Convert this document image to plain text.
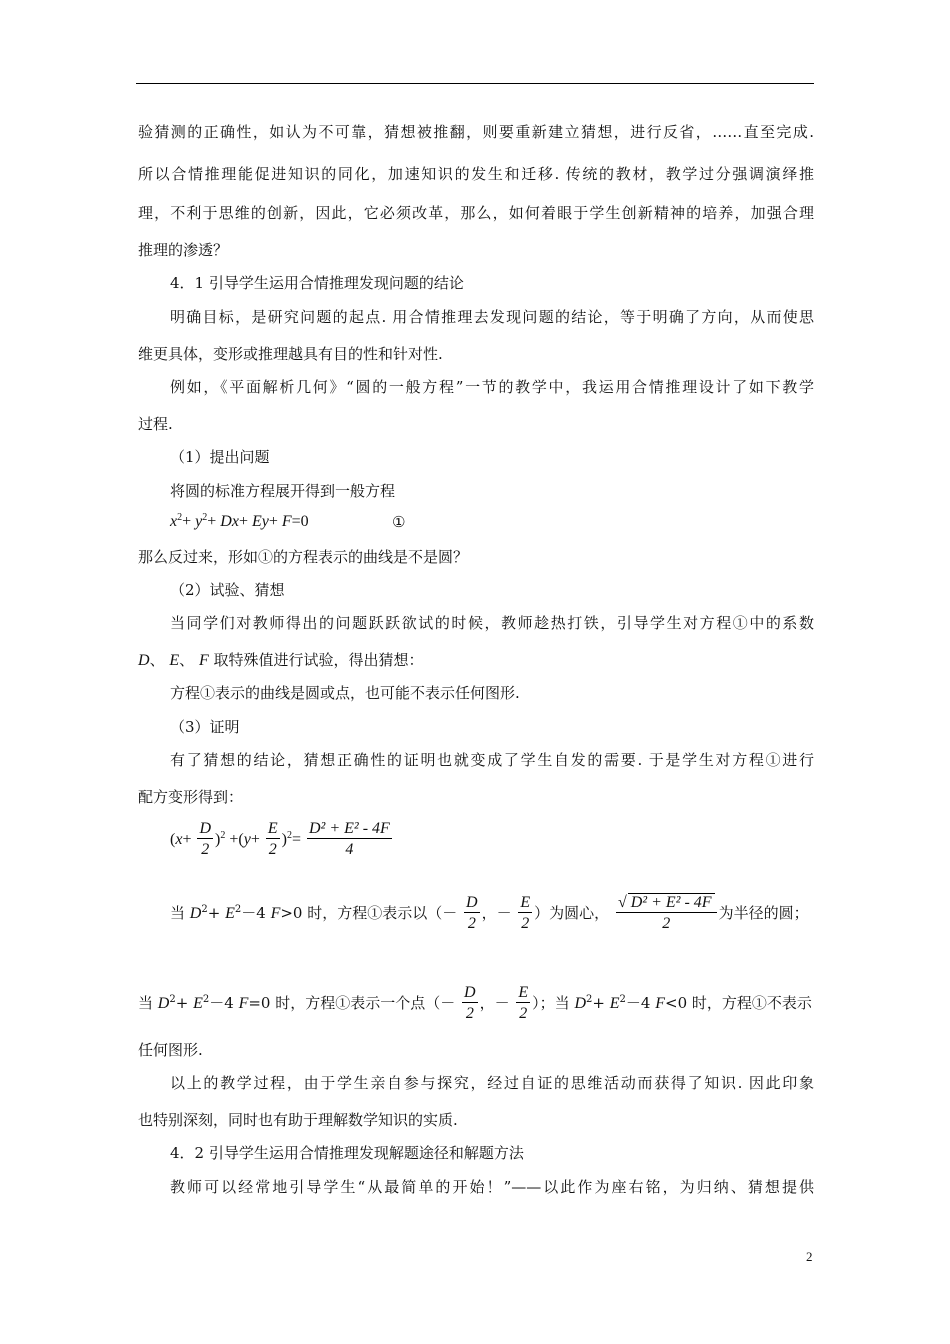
验猜测的正确性，如认为不可靠，猜想被推翻，则要重新建立猜想，进行反省，……直至完成.
所以合情推理能促进知识的同化，加速知识的发生和迁移. 传统的教材，教学过分强调演绎推
理，不利于思维的创新，因此，它必须改革，那么，如何着眼于学生创新精神的培养，加强合理
推理的渗透？
4．1 引导学生运用合情推理发现问题的结论
明确目标，是研究问题的起点. 用合情推理去发现问题的结论，等于明确了方向，从而使思
维更具体，变形或推理越具有目的性和针对性.
例如，《平面解析几何》“圆的一般方程”一节的教学中，我运用合情推理设计了如下教学
过程.
（1）提出问题
将圆的标准方程展开得到一般方程
$x^2+ y^2+ Dx+ Ey+ F=0$	①
那么反过来，形如①的方程表示的曲线是不是圆？
（2）试验、猜想
当同学们对教师得出的问题跃跃欲试的时候，教师趁热打铁，引导学生对方程①中的系数
D、 E、 F 取特殊值进行试验，得出猜想：
方程①表示的曲线是圆或点，也可能不表示任何图形.
（3）证明
有了猜想的结论，猜想正确性的证明也就变成了学生自发的需要. 于是学生对方程①进行
配方变形得到：
$(x+ \frac{D}{2} )^2 +(y+ \frac{E}{2} )^2= \frac{\text{D² + E² - 4F}}{4}$
当 $D^2+ E^2-4$ F>0 时，方程①表示以（－ $\frac{D}{2}$ ，－ $\frac{E}{2}$ ）为圆心， $\frac{\text{√ D² + E² - 4F}}{2}$ 为半径的圆；
当 $D^2+ E^2-4$ F=0 时，方程①表示一个点（－ $\frac{D}{2}$ ，－ $\frac{E}{2}$ ）；当 $D^2+ E^2-4$ F<0 时，方程①不表示
任何图形.
以上的教学过程，由于学生亲自参与探究，经过自证的思维活动而获得了知识. 因此印象
也特别深刻，同时也有助于理解数学知识的实质.
4．2 引导学生运用合情推理发现解题途径和解题方法
教师可以经常地引导学生“从最简单的开始！”——以此作为座右铭，为归纳、猜想提供
2
